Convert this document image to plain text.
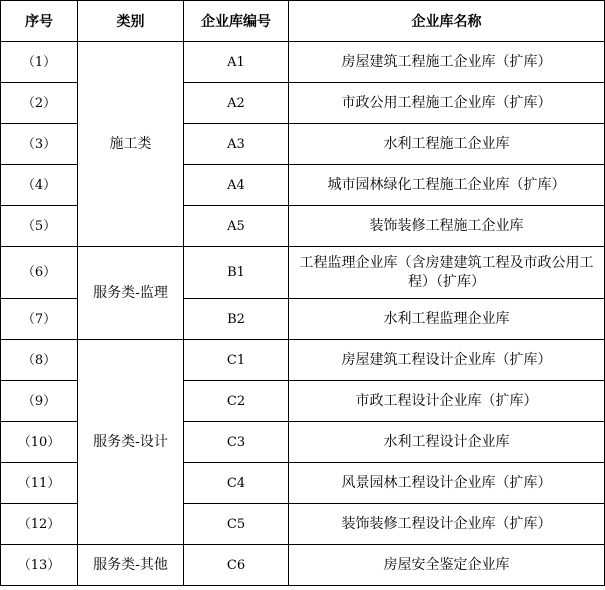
序号	类别	企业库编号	企业库名称
（1）	施工类	A1	房屋建筑工程施工企业库（扩库）
（2）		A2	市政公用工程施工企业库（扩库）
（3）		A3	水利工程施工企业库
（4）		A4	城市园林绿化工程施工企业库（扩库）
（5）		A5	装饰装修工程施工企业库
（6）	服务类-监理	B1	工程监理企业库（含房建建筑工程及市政公用工程）（扩库）
（7）		B2	水利工程监理企业库
（8）	服务类-设计	C1	房屋建筑工程设计企业库（扩库）
（9）		C2	市政工程设计企业库（扩库）
（10）		C3	水利工程设计企业库
（11）		C4	风景园林工程设计企业库（扩库）
（12）		C5	装饰装修工程设计企业库（扩库）
（13）	服务类-其他	C6	房屋安全鉴定企业库
